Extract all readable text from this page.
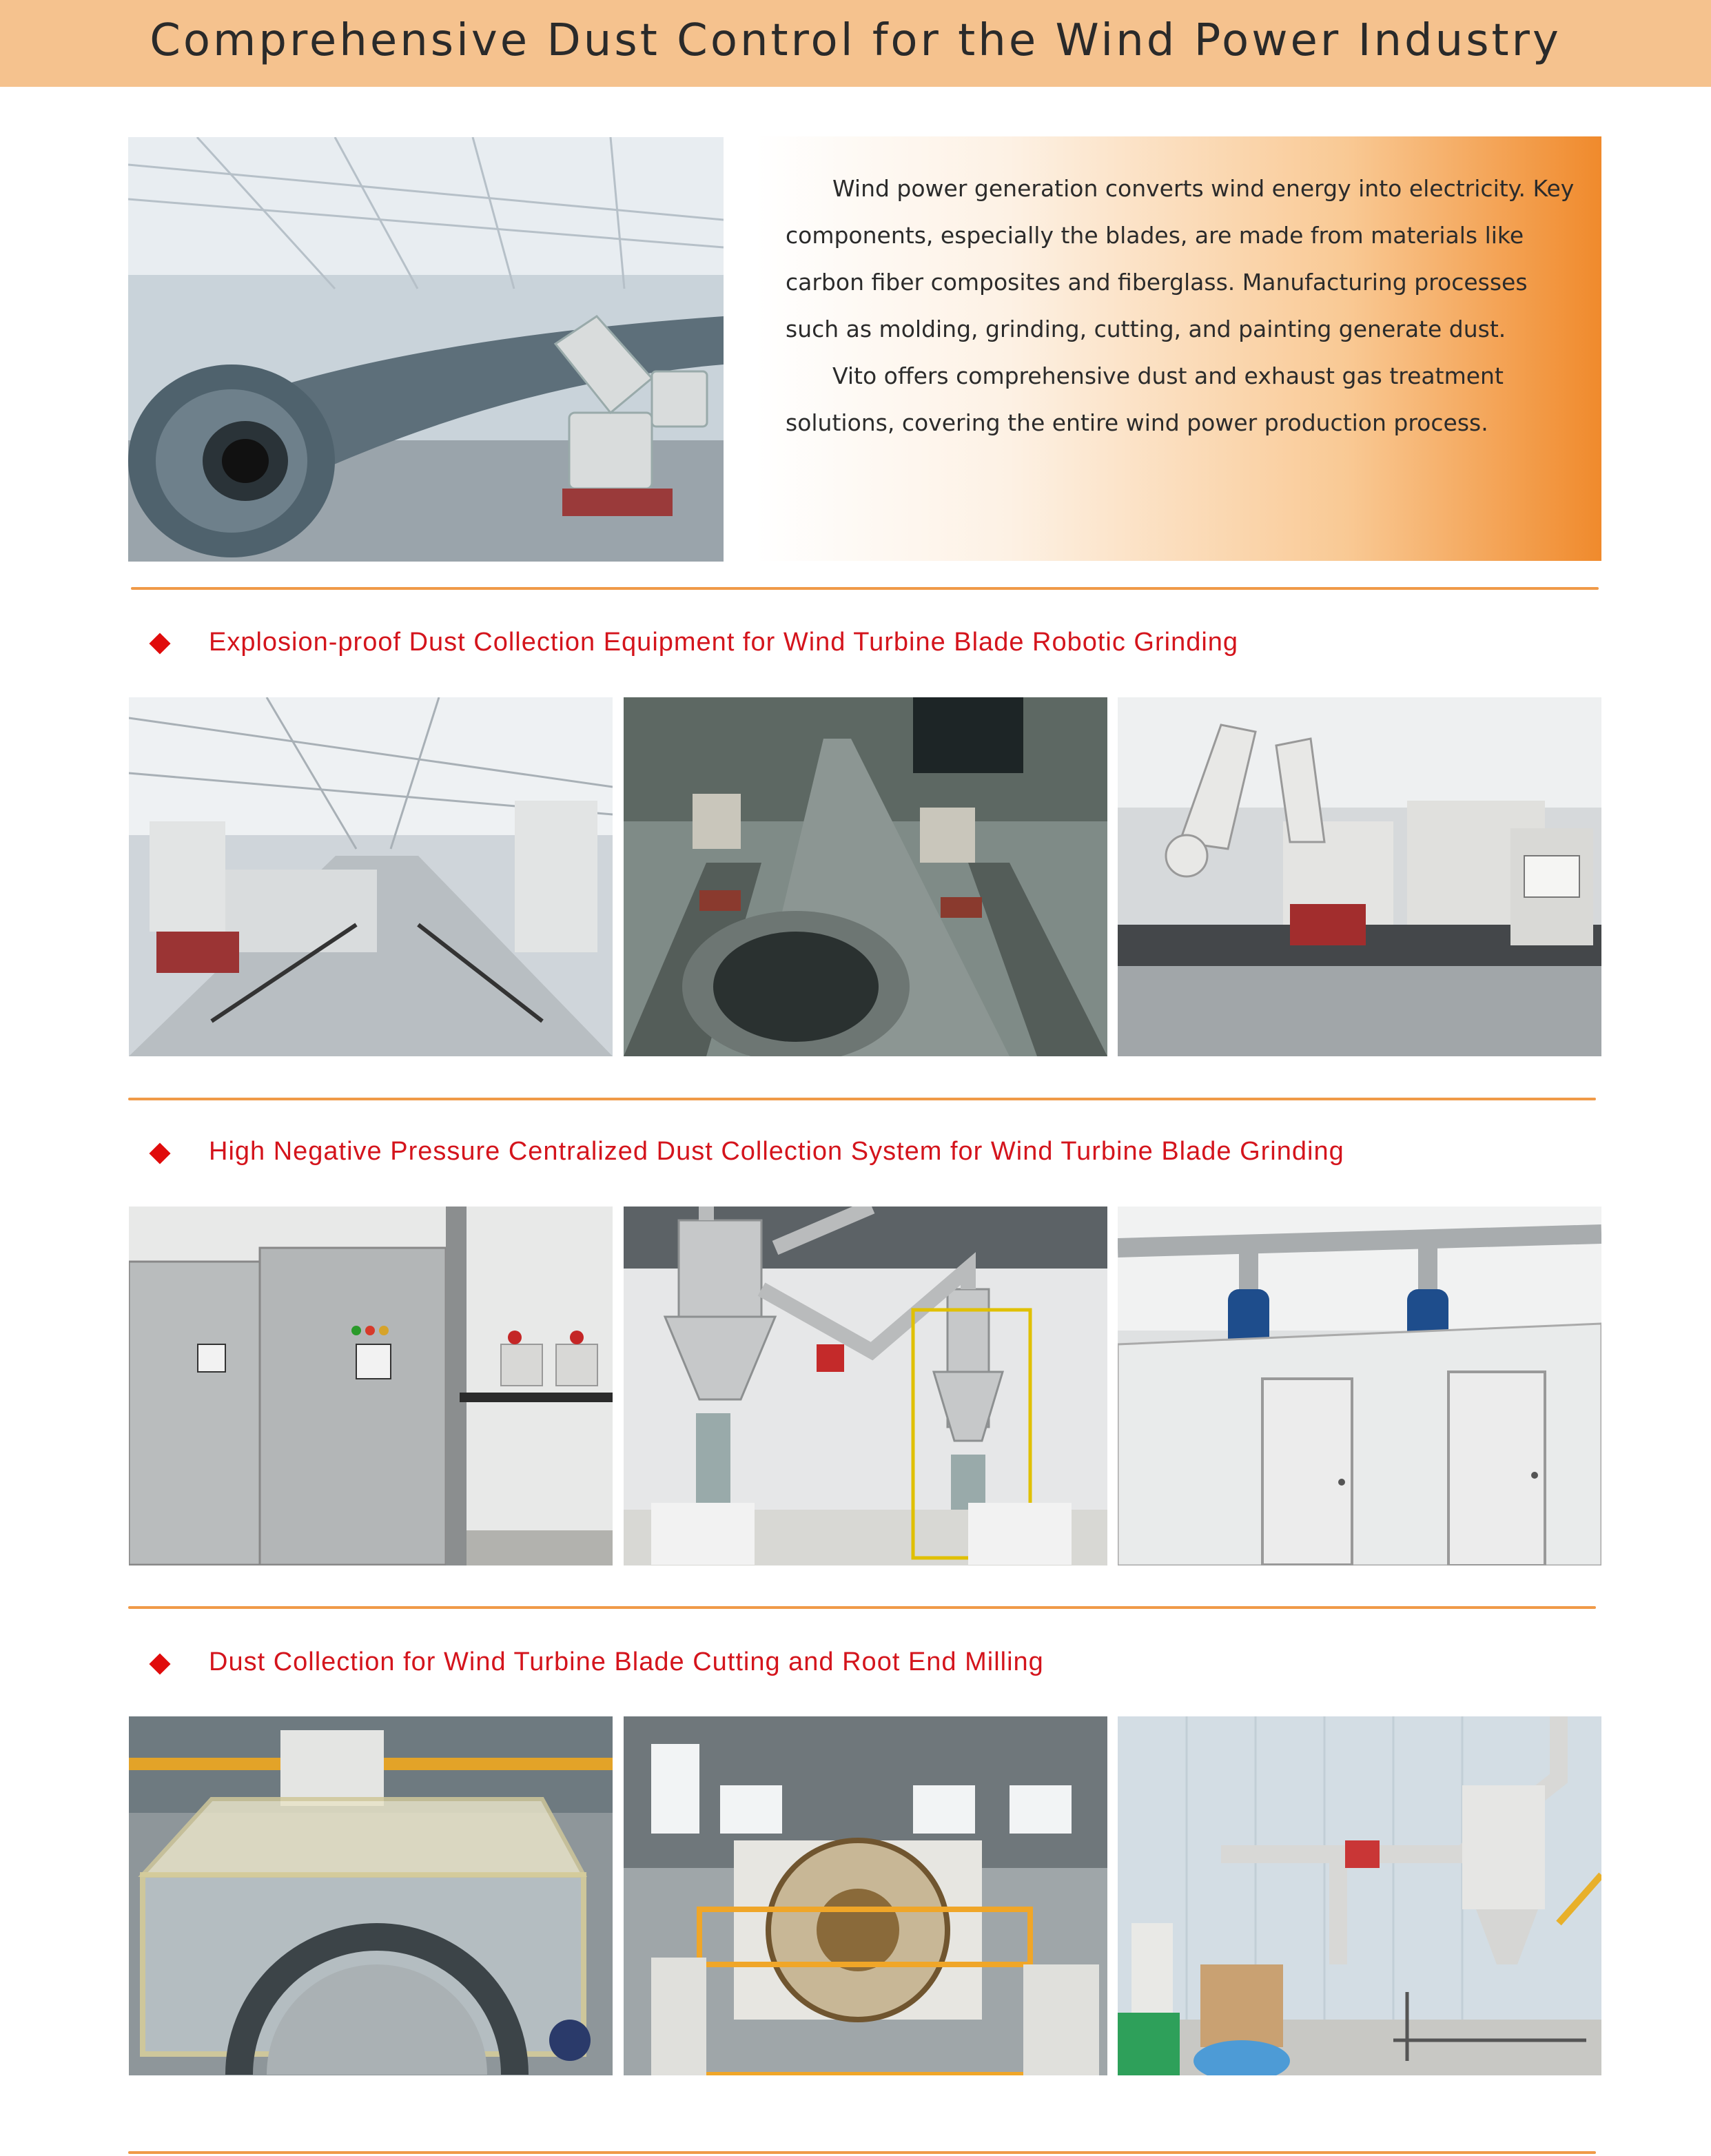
Comprehensive Dust Control for the Wind Power Industry

Wind power generation converts wind energy into electricity. Key components, especially the blades, are made from materials like carbon fiber composites and fiberglass. Manufacturing processes such as molding, grinding, cutting, and painting generate dust.

Vito offers comprehensive dust and exhaust gas treatment solutions, covering the entire wind power production process.

Explosion-proof Dust Collection Equipment for Wind Turbine Blade Robotic Grinding
High Negative Pressure Centralized Dust Collection System for Wind Turbine Blade Grinding
Dust Collection for Wind Turbine Blade Cutting and Root End Milling
